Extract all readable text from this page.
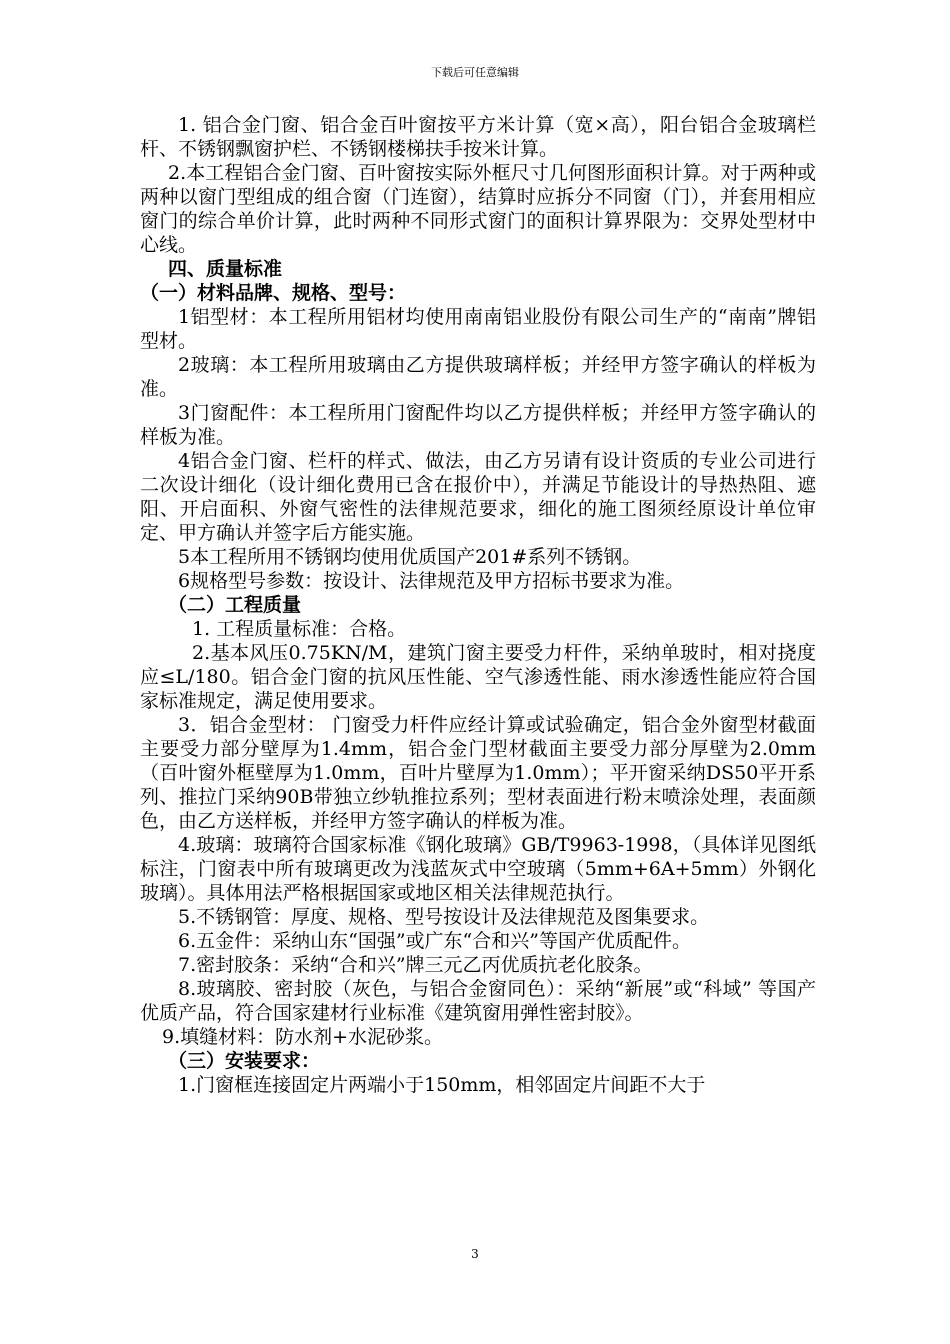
下载后可任意编辑

1. 铝合金门窗、铝合金百叶窗按平方米计算（宽×高），阳台铝合金玻璃栏杆、不锈钢飘窗护栏、不锈钢楼梯扶手按米计算。

2.本工程铝合金门窗、百叶窗按实际外框尺寸几何图形面积计算。对于两种或两种以窗门型组成的组合窗（门连窗），结算时应拆分不同窗（门），并套用相应窗门的综合单价计算，此时两种不同形式窗门的面积计算界限为：交界处型材中心线。

四、质量标准

（一）材料品牌、规格、型号：

1铝型材：本工程所用铝材均使用南南铝业股份有限公司生产的“南南”牌铝型材。

2玻璃：本工程所用玻璃由乙方提供玻璃样板；并经甲方签字确认的样板为准。

3门窗配件：本工程所用门窗配件均以乙方提供样板；并经甲方签字确认的样板为准。

4铝合金门窗、栏杆的样式、做法，由乙方另请有设计资质的专业公司进行二次设计细化（设计细化费用已含在报价中），并满足节能设计的导热热阻、遮阳、开启面积、外窗气密性的法律规范要求，细化的施工图须经原设计单位审定、甲方确认并签字后方能实施。

5本工程所用不锈钢均使用优质国产201#系列不锈钢。

6规格型号参数：按设计、法律规范及甲方招标书要求为准。

（二）工程质量

1. 工程质量标准：合格。

2.基本风压0.75KN/M，建筑门窗主要受力杆件，采纳单玻时，相对挠度 应≤L/180。铝合金门窗的抗风压性能、空气渗透性能、雨水渗透性能应符合国家标准规定，满足使用要求。

3．铝合金型材： 门窗受力杆件应经计算或试验确定，铝合金外窗型材截面主要受力部分壁厚为1.4mm，铝合金门型材截面主要受力部分厚壁为2.0mm（百叶窗外框壁厚为1.0mm，百叶片壁厚为1.0mm）；平开窗采纳DS50平开系列、推拉门采纳90B带独立纱轨推拉系列；型材表面进行粉末喷涂处理，表面颜色，由乙方送样板，并经甲方签字确认的样板为准。

4.玻璃：玻璃符合国家标准《钢化玻璃》GB/T9963-1998，（具体详见图纸标注，门窗表中所有玻璃更改为浅蓝灰式中空玻璃（5mm+6A+5mm）外钢化玻璃）。具体用法严格根据国家或地区相关法律规范执行。

5.不锈钢管：厚度、规格、型号按设计及法律规范及图集要求。

6.五金件：采纳山东“国强”或广东“合和兴”等国产优质配件。

7.密封胶条：采纳“合和兴”牌三元乙丙优质抗老化胶条。

8.玻璃胶、密封胶（灰色，与铝合金窗同色）：采纳“新展”或“科域” 等国产优质产品，符合国家建材行业标准《建筑窗用弹性密封胶》。

9.填缝材料：防水剂+水泥砂浆。

（三）安装要求：

1.门窗框连接固定片两端小于150mm，相邻固定片间距不大于

3
